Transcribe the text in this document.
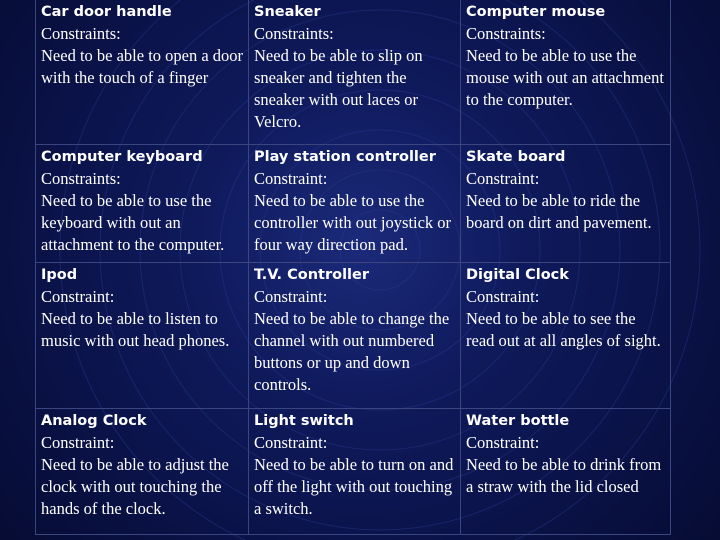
Car door handle
Constraints:
Need to be able to open a door with the touch of a finger
Sneaker
Constraints:
Need to be able to slip on sneaker and tighten the sneaker with out laces or Velcro.
Computer mouse
Constraints:
Need to be able to use the mouse with out an attachment to the computer.
Computer keyboard
Constraints:
Need to be able to use the keyboard with out an attachment to the computer.
Play station controller
Constraint:
Need to be able to use the controller with out joystick or four way direction pad.
Skate board
Constraint:
Need to be able to ride the board on dirt and pavement.
Ipod
Constraint:
Need to be able to listen to music with out head phones.
T.V. Controller
Constraint:
Need to be able to change the channel with out numbered buttons or up and down controls.
Digital Clock
Constraint:
Need to be able to see the read out at all angles of sight.
Analog Clock
Constraint:
Need to be able to adjust the clock with out touching the hands of the clock.
Light switch
Constraint:
Need to be able to turn on and off the light with out touching a switch.
Water bottle
Constraint:
Need to be able to drink from a straw with the lid closed
